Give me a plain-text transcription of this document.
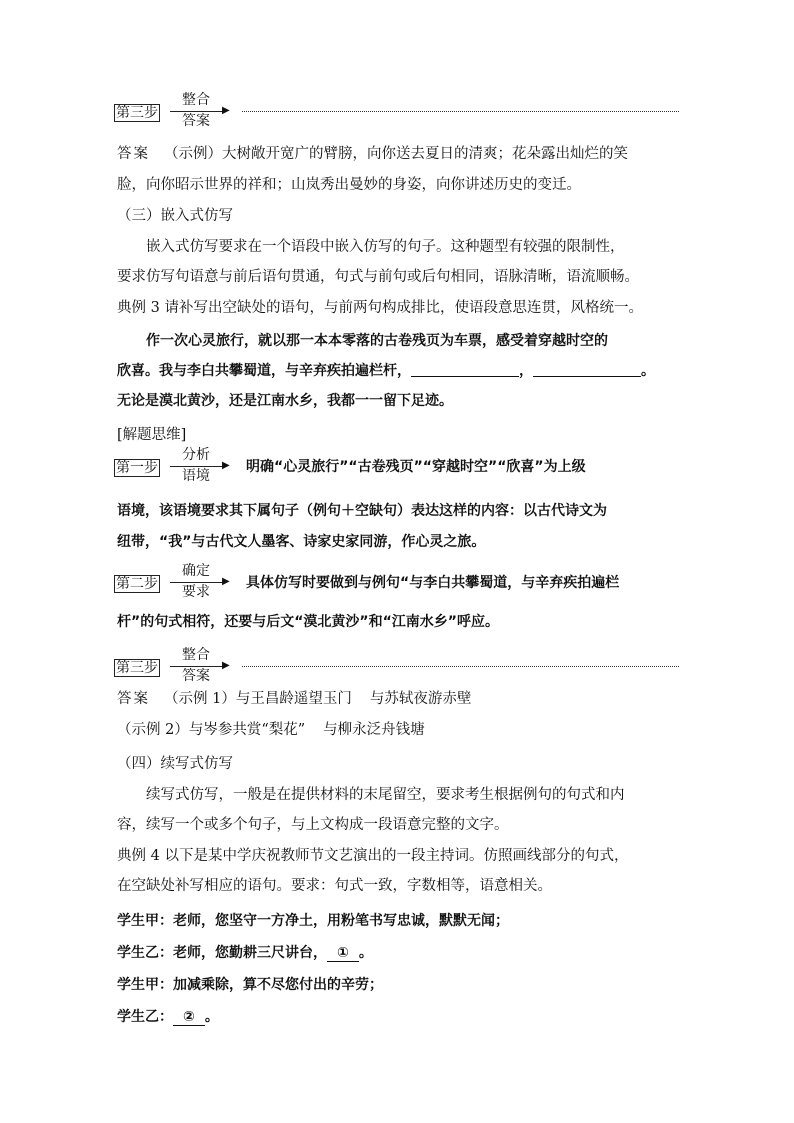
第三步
整合
▶
答案
答案 （示例）大树敞开宽广的臂膀，向你送去夏日的清爽；花朵露出灿烂的笑
脸，向你昭示世界的祥和；山岚秀出曼妙的身姿，向你讲述历史的变迁。
（三）嵌入式仿写
嵌入式仿写要求在一个语段中嵌入仿写的句子。这种题型有较强的限制性，
要求仿写句语意与前后语句贯通，句式与前句或后句相同，语脉清晰，语流顺畅。
典例 3 请补写出空缺处的语句，与前两句构成排比，使语段意思连贯，风格统一。
作一次心灵旅行，就以那一本本零落的古卷残页为车票，感受着穿越时空的
欣喜。我与李白共攀蜀道，与辛弃疾拍遍栏杆，	，	。
无论是漠北黄沙，还是江南水乡，我都一一留下足迹。
[解题思维]
第一步
分析
▶
语境
明确“心灵旅行”“古卷残页”“穿越时空”“欣喜”为上级
语境，该语境要求其下属句子（例句＋空缺句）表达这样的内容：以古代诗文为
纽带，“我”与古代文人墨客、诗家史家同游，作心灵之旅。
第二步
确定
▶
要求
具体仿写时要做到与例句“与李白共攀蜀道，与辛弃疾拍遍栏
杆”的句式相符，还要与后文“漠北黄沙”和“江南水乡”呼应。
第三步
整合
▶
答案
答案 （示例 1）与王昌龄遥望玉门 与苏轼夜游赤壁
（示例 2）与岑参共赏“梨花” 与柳永泛舟钱塘
（四）续写式仿写
续写式仿写，一般是在提供材料的末尾留空，要求考生根据例句的句式和内
容，续写一个或多个句子，与上文构成一段语意完整的文字。
典例 4 以下是某中学庆祝教师节文艺演出的一段主持词。仿照画线部分的句式，
在空缺处补写相应的语句。要求：句式一致，字数相等，语意相关。
学生甲：老师，您坚守一方净土，用粉笔书写忠诚，默默无闻；
学生乙：老师，您勤耕三尺讲台， ① 。
学生甲：加减乘除，算不尽您付出的辛劳；
学生乙： ② 。
